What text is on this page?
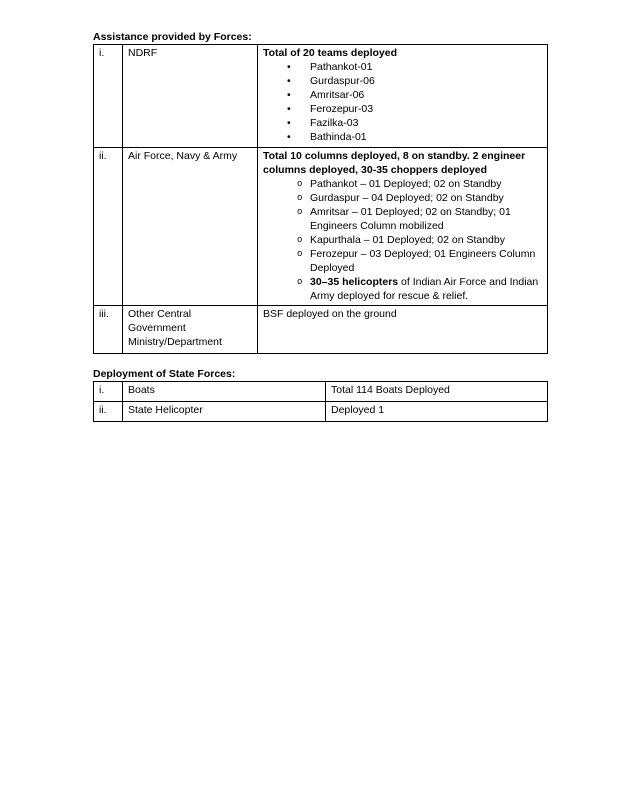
Assistance provided by Forces:
i.	NDRF	Total of 20 teams deployed
•	Pathankot-01
•	Gurdaspur-06
•	Amritsar-06
•	Ferozepur-03
•	Fazilka-03
•	Bathinda-01

ii.	Air Force, Navy & Army	Total 10 columns deployed, 8 on standby. 2 engineer columns deployed, 30-35 choppers deployed
o Pathankot – 01 Deployed; 02 on Standby
o Gurdaspur – 04 Deployed; 02 on Standby
o Amritsar – 01 Deployed; 02 on Standby; 01 Engineers Column mobilized
o Kapurthala – 01 Deployed; 02 on Standby
o Ferozepur – 03 Deployed; 01 Engineers Column Deployed
o 30–35 helicopters of Indian Air Force and Indian Army deployed for rescue & relief.

iii.	Other Central Government Ministry/Department	BSF deployed on the ground
Deployment of State Forces:
i.	Boats	Total 114 Boats Deployed
ii.	State Helicopter	Deployed 1
